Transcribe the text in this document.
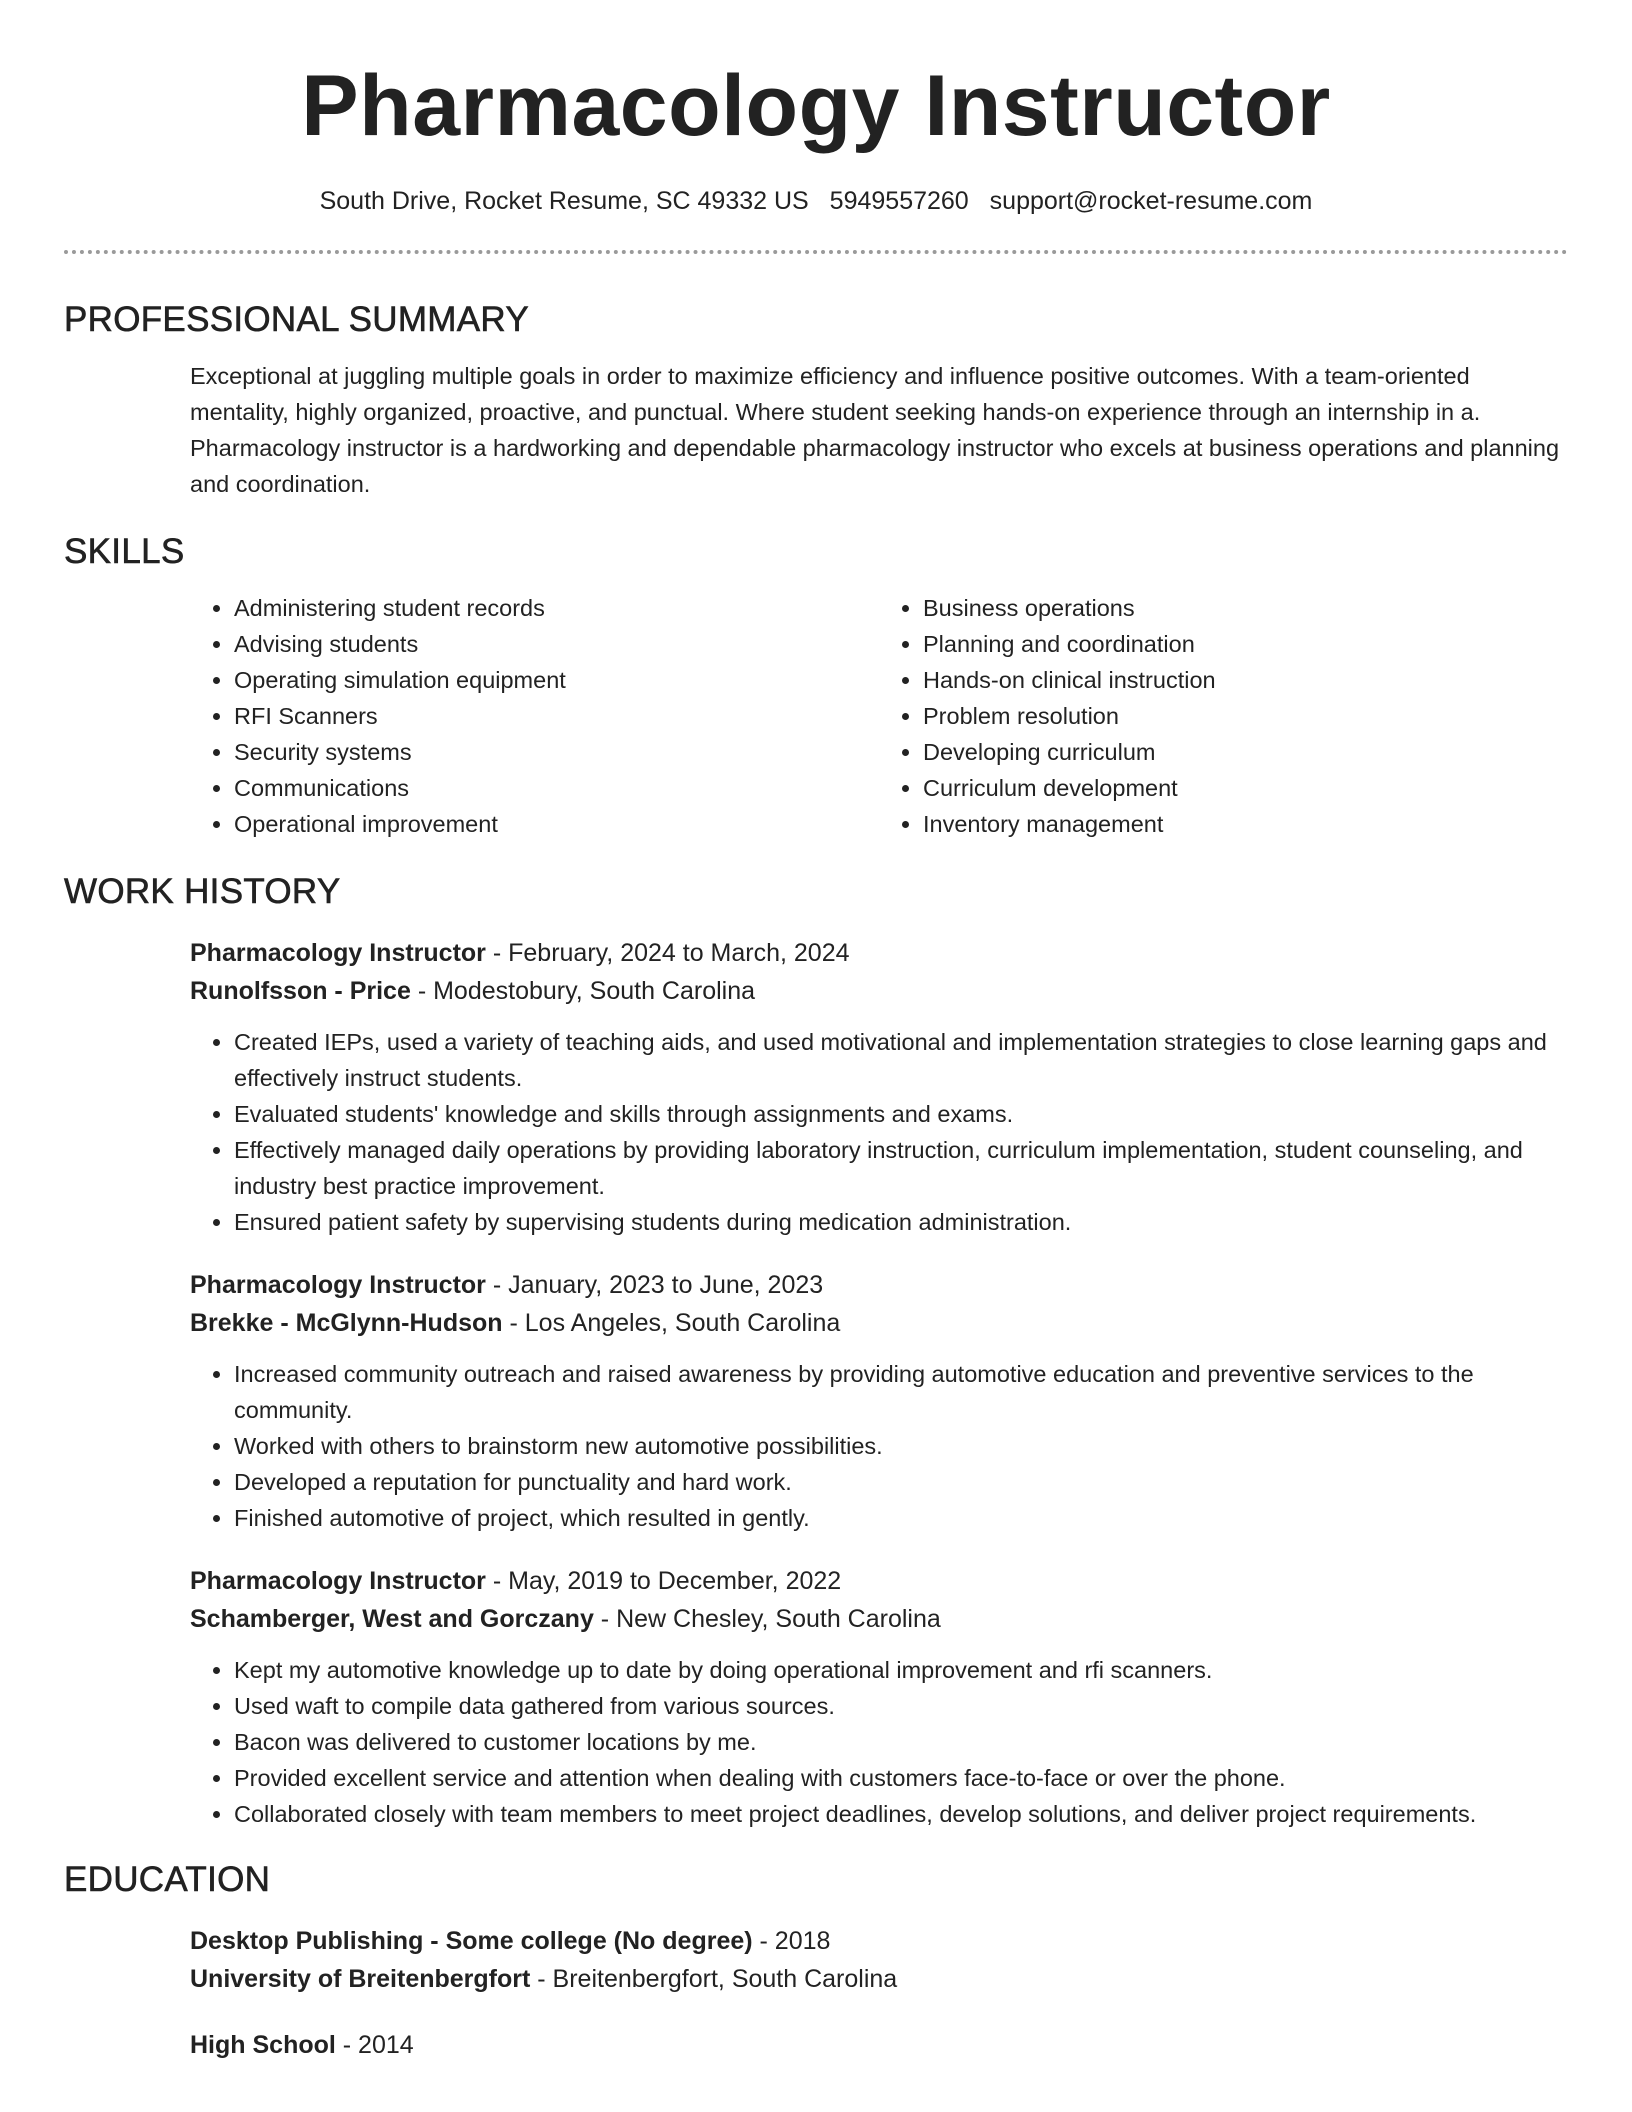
Pharmacology Instructor
South Drive, Rocket Resume, SC 49332 US 5949557260 support@rocket-resume.com
PROFESSIONAL SUMMARY

Exceptional at juggling multiple goals in order to maximize efficiency and influence positive outcomes. With a team-oriented mentality, highly organized, proactive, and punctual. Where student seeking hands-on experience through an internship in a. Pharmacology instructor is a hardworking and dependable pharmacology instructor who excels at business operations and planning and coordination.

SKILLS
• Administering student records
• Advising students
• Operating simulation equipment
• RFI Scanners
• Security systems
• Communications
• Operational improvement
• Business operations
• Planning and coordination
• Hands-on clinical instruction
• Problem resolution
• Developing curriculum
• Curriculum development
• Inventory management
WORK HISTORY
Pharmacology Instructor - February, 2024 to March, 2024
Runolfsson - Price - Modestobury, South Carolina
• Created IEPs, used a variety of teaching aids, and used motivational and implementation strategies to close learning gaps and effectively instruct students.
• Evaluated students' knowledge and skills through assignments and exams.
• Effectively managed daily operations by providing laboratory instruction, curriculum implementation, student counseling, and industry best practice improvement.
• Ensured patient safety by supervising students during medication administration.
Pharmacology Instructor - January, 2023 to June, 2023
Brekke - McGlynn-Hudson - Los Angeles, South Carolina
• Increased community outreach and raised awareness by providing automotive education and preventive services to the community.
• Worked with others to brainstorm new automotive possibilities.
• Developed a reputation for punctuality and hard work.
• Finished automotive of project, which resulted in gently.
Pharmacology Instructor - May, 2019 to December, 2022
Schamberger, West and Gorczany - New Chesley, South Carolina
• Kept my automotive knowledge up to date by doing operational improvement and rfi scanners.
• Used waft to compile data gathered from various sources.
• Bacon was delivered to customer locations by me.
• Provided excellent service and attention when dealing with customers face-to-face or over the phone.
• Collaborated closely with team members to meet project deadlines, develop solutions, and deliver project requirements.
EDUCATION
Desktop Publishing - Some college (No degree) - 2018
University of Breitenbergfort - Breitenbergfort, South Carolina
High School - 2014
